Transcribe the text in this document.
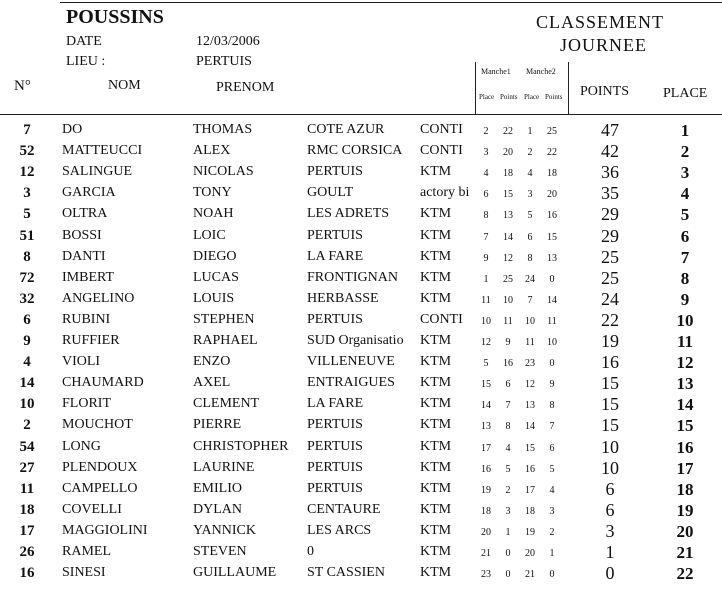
POUSSINS
DATE	12/03/2006
LIEU :	PERTUIS
CLASSEMENT
JOURNEE
N°	NOM	PRENOM
Manche1 Manche2
Place Points Place Points POINTS PLACE
7	DO	THOMAS	COTE AZUR	CONTI	2	22	1	25	47	1
52	MATTEUCCI	ALEX	RMC CORSICA	CONTI	3	20	2	22	42	2
12	SALINGUE	NICOLAS	PERTUIS	KTM	4	18	4	18	36	3
3	GARCIA	TONY	GOULT	actory bi	6	15	3	20	35	4
5	OLTRA	NOAH	LES ADRETS	KTM	8	13	5	16	29	5
51	BOSSI	LOIC	PERTUIS	KTM	7	14	6	15	29	6
8	DANTI	DIEGO	LA FARE	KTM	9	12	8	13	25	7
72	IMBERT	LUCAS	FRONTIGNAN	KTM	1	25	24	0	25	8
32	ANGELINO	LOUIS	HERBASSE	KTM	11	10	7	14	24	9
6	RUBINI	STEPHEN	PERTUIS	CONTI	10	11	10	11	22	10
9	RUFFIER	RAPHAEL	SUD Organisatio	KTM	12	9	11	10	19	11
4	VIOLI	ENZO	VILLENEUVE	KTM	5	16	23	0	16	12
14	CHAUMARD	AXEL	ENTRAIGUES	KTM	15	6	12	9	15	13
10	FLORIT	CLEMENT	LA FARE	KTM	14	7	13	8	15	14
2	MOUCHOT	PIERRE	PERTUIS	KTM	13	8	14	7	15	15
54	LONG	CHRISTOPHER	PERTUIS	KTM	17	4	15	6	10	16
27	PLENDOUX	LAURINE	PERTUIS	KTM	16	5	16	5	10	17
11	CAMPELLO	EMILIO	PERTUIS	KTM	19	2	17	4	6	18
18	COVELLI	DYLAN	CENTAURE	KTM	18	3	18	3	6	19
17	MAGGIOLINI	YANNICK	LES ARCS	KTM	20	1	19	2	3	20
26	RAMEL	STEVEN	0	KTM	21	0	20	1	1	21
16	SINESI	GUILLAUME	ST CASSIEN	KTM	23	0	21	0	0	22
